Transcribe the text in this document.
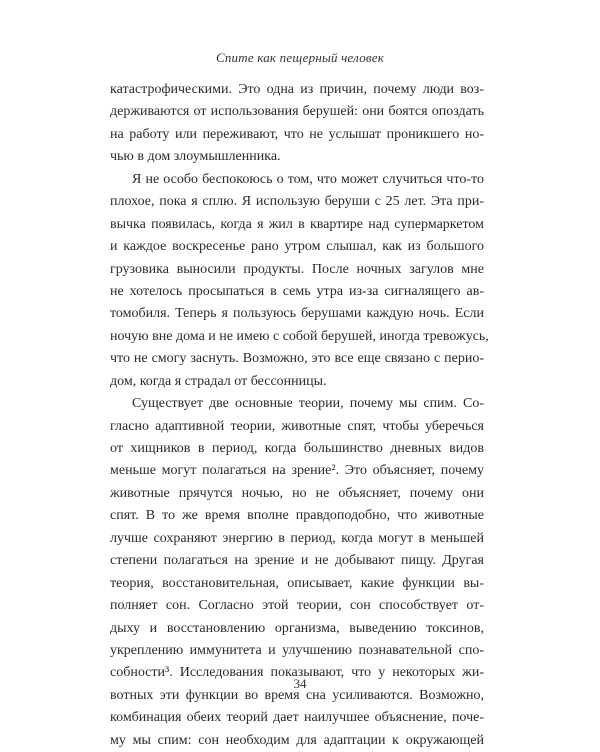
Спите как пещерный человек
катастрофическими. Это одна из причин, почему люди воз-
держиваются от использования берушей: они боятся опоздать
на работу или переживают, что не услышат проникшего но-
чью в дом злоумышленника.
Я не особо беспокоюсь о том, что может случиться что-то
плохое, пока я сплю. Я использую беруши с 25 лет. Эта при-
вычка появилась, когда я жил в квартире над супермаркетом
и каждое воскресенье рано утром слышал, как из большого
грузовика выносили продукты. После ночных загулов мне
не хотелось просыпаться в семь утра из-за сигналящего ав-
томобиля. Теперь я пользуюсь берушами каждую ночь. Если
ночую вне дома и не имею с собой берушей, иногда тревожусь,
что не смогу заснуть. Возможно, это все еще связано с перио-
дом, когда я страдал от бессонницы.
Существует две основные теории, почему мы спим. Со-
гласно адаптивной теории, животные спят, чтобы уберечься
от хищников в период, когда большинство дневных видов
меньше могут полагаться на зрение². Это объясняет, почему
животные прячутся ночью, но не объясняет, почему они
спят. В то же время вполне правдоподобно, что животные
лучше сохраняют энергию в период, когда могут в меньшей
степени полагаться на зрение и не добывают пищу. Другая
теория, восстановительная, описывает, какие функции вы-
полняет сон. Согласно этой теории, сон способствует от-
дыху и восстановлению организма, выведению токсинов,
укреплению иммунитета и улучшению познавательной спо-
собности³. Исследования показывают, что у некоторых жи-
вотных эти функции во время сна усиливаются. Возможно,
комбинация обеих теорий дает наилучшее объяснение, поче-
му мы спим: сон необходим для адаптации к окружающей
34
